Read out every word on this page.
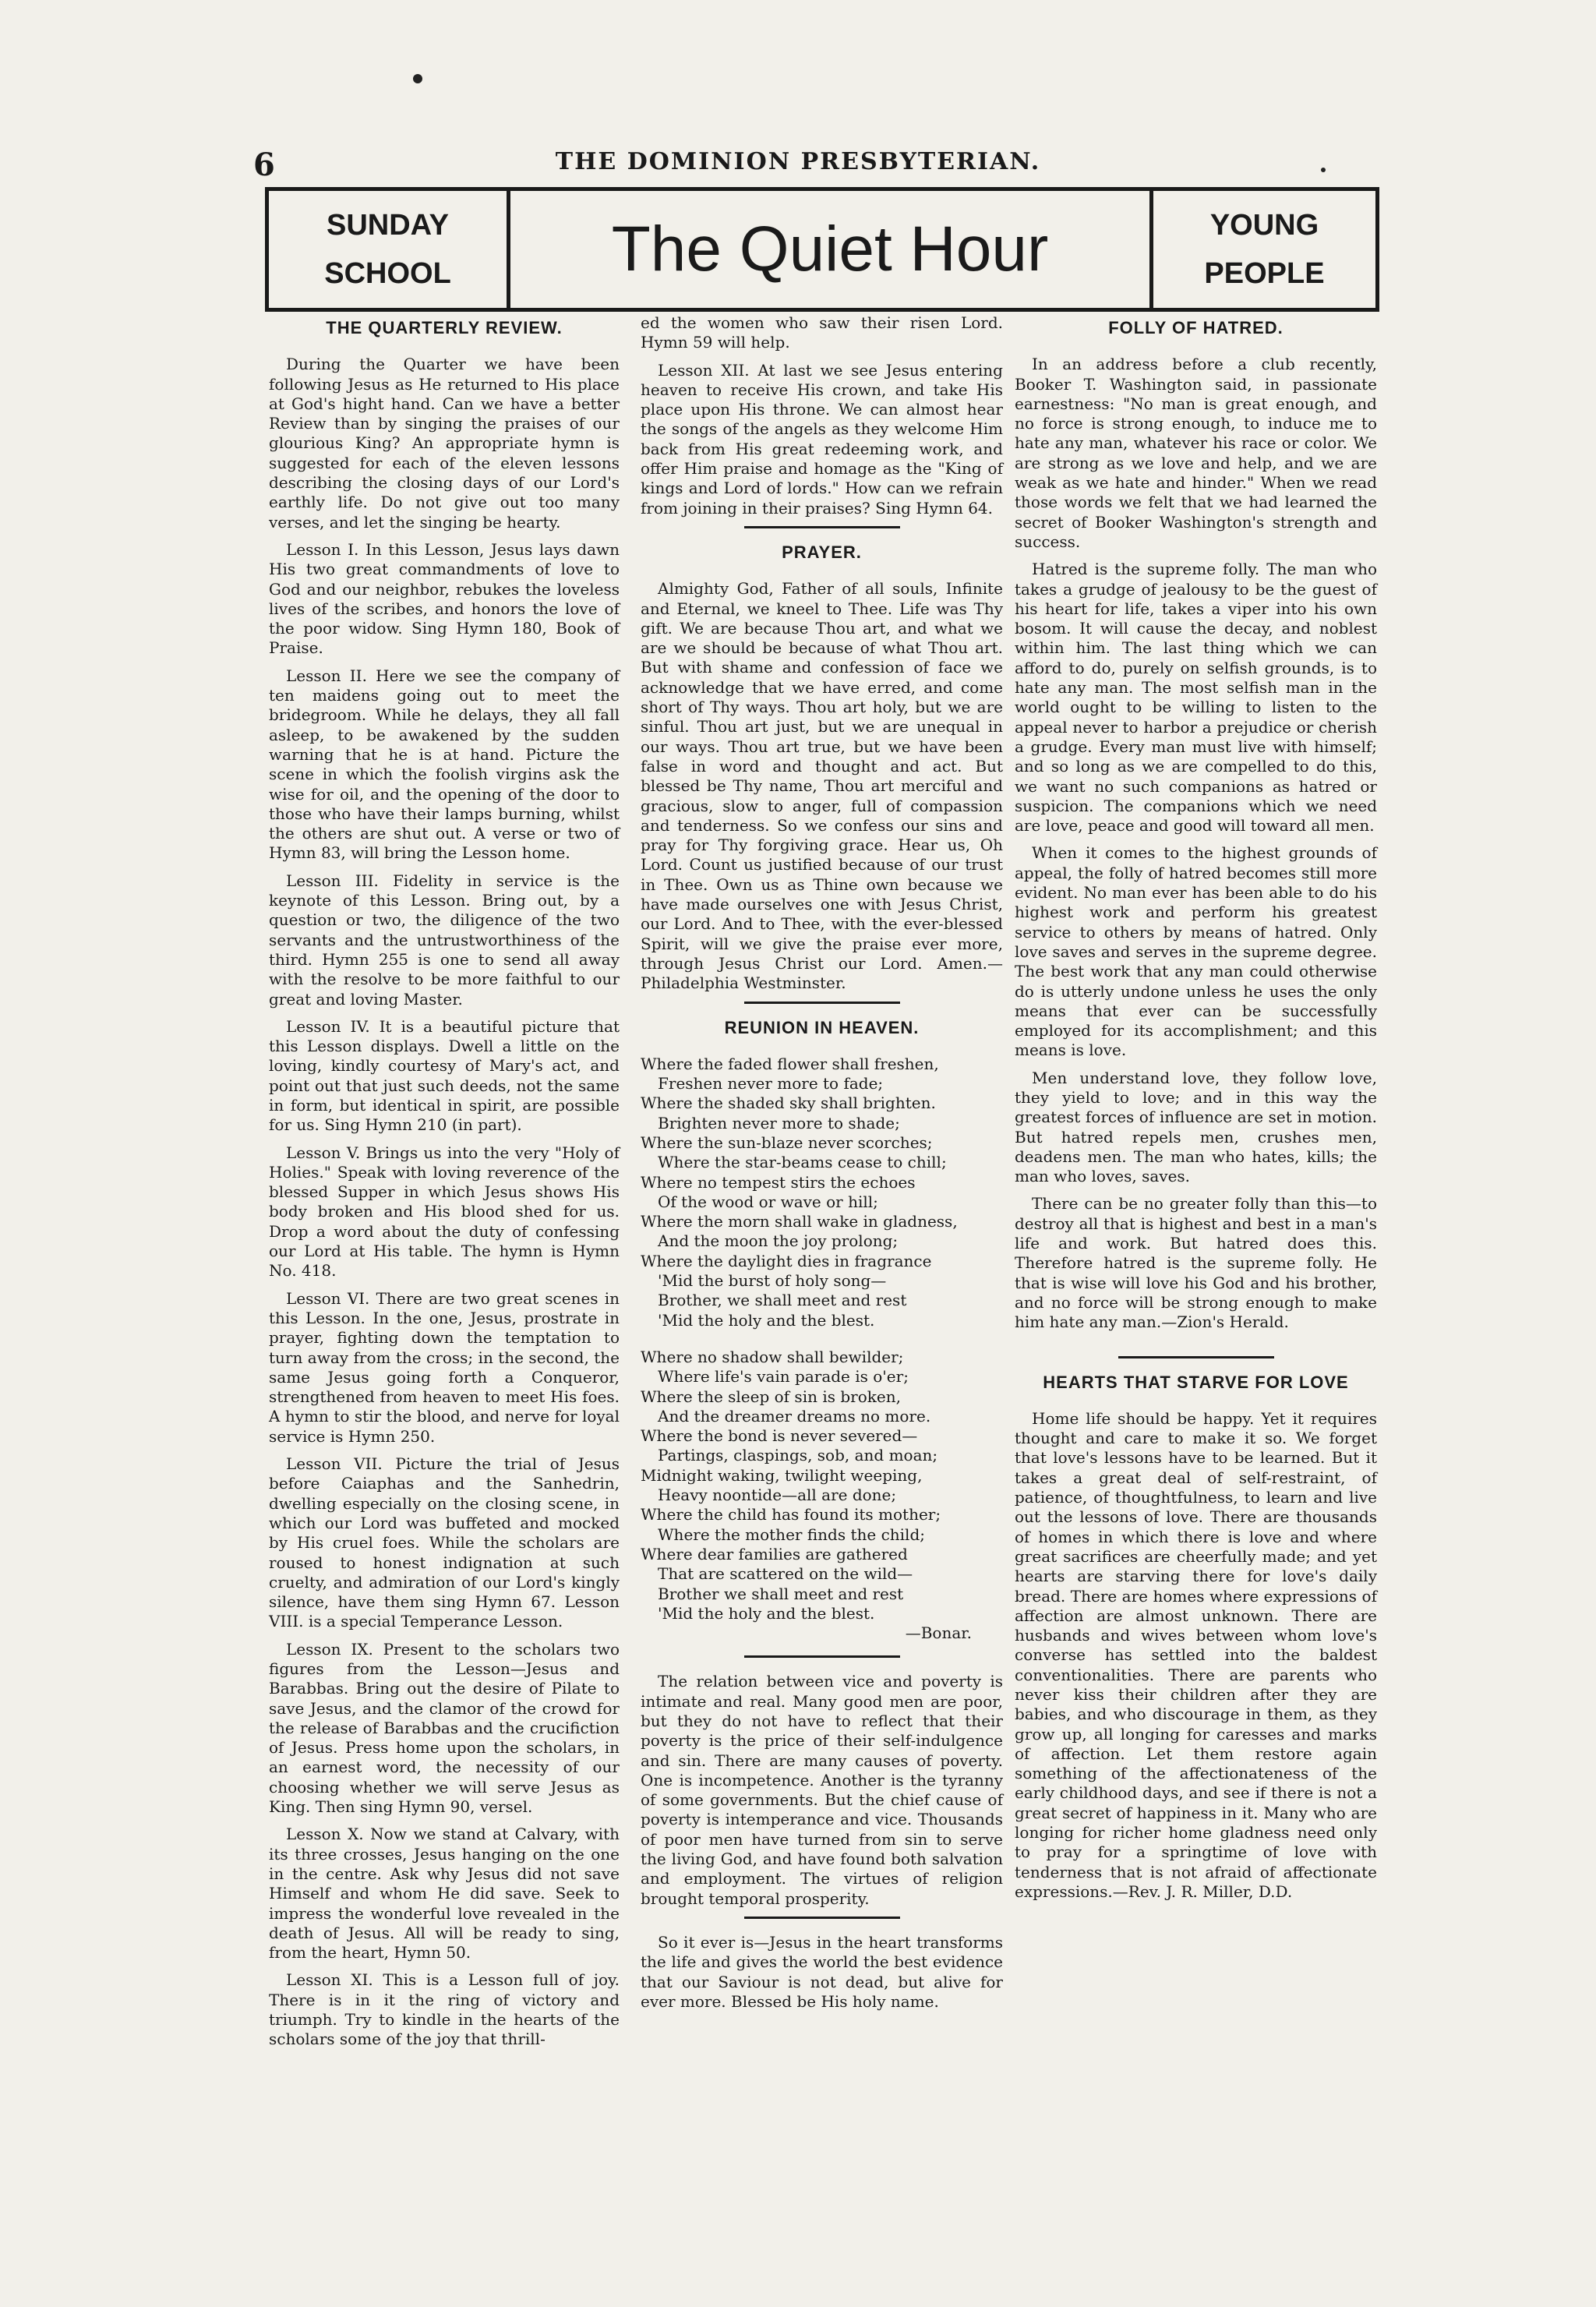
6	THE DOMINION PRESBYTERIAN.
SUNDAY
SCHOOL	The Quiet Hour	YOUNG
PEOPLE
THE QUARTERLY REVIEW.

During the Quarter we have been following Jesus as He returned to His place at God's hight hand. Can we have a better Review than by singing the praises of our glourious King? An appropriate hymn is suggested for each of the eleven lessons describing the closing days of our Lord's earthly life. Do not give out too many verses, and let the singing be hearty.

Lesson I. In this Lesson, Jesus lays dawn His two great commandments of love to God and our neighbor, rebukes the loveless lives of the scribes, and honors the love of the poor widow. Sing Hymn 180, Book of Praise.

Lesson II. Here we see the company of ten maidens going out to meet the bridegroom. While he delays, they all fall asleep, to be awakened by the sudden warning that he is at hand. Picture the scene in which the foolish virgins ask the wise for oil, and the opening of the door to those who have their lamps burning, whilst the others are shut out. A verse or two of Hymn 83, will bring the Lesson home.

Lesson III. Fidelity in service is the keynote of this Lesson. Bring out, by a question or two, the diligence of the two servants and the untrustworthiness of the third. Hymn 255 is one to send all away with the resolve to be more faithful to our great and loving Master.

Lesson IV. It is a beautiful picture that this Lesson displays. Dwell a little on the loving, kindly courtesy of Mary's act, and point out that just such deeds, not the same in form, but identical in spirit, are possible for us. Sing Hymn 210 (in part).

Lesson V. Brings us into the very "Holy of Holies." Speak with loving reverence of the blessed Supper in which Jesus shows His body broken and His blood shed for us. Drop a word about the duty of confessing our Lord at His table. The hymn is Hymn No. 418.

Lesson VI. There are two great scenes in this Lesson. In the one, Jesus, prostrate in prayer, fighting down the temptation to turn away from the cross; in the second, the same Jesus going forth a Conqueror, strengthened from heaven to meet His foes. A hymn to stir the blood, and nerve for loyal service is Hymn 250.

Lesson VII. Picture the trial of Jesus before Caiaphas and the Sanhedrin, dwelling especially on the closing scene, in which our Lord was buffeted and mocked by His cruel foes. While the scholars are roused to honest indignation at such cruelty, and admiration of our Lord's kingly silence, have them sing Hymn 67. Lesson VIII. is a special Temperance Lesson.

Lesson IX. Present to the scholars two figures from the Lesson—Jesus and Barabbas. Bring out the desire of Pilate to save Jesus, and the clamor of the crowd for the release of Barabbas and the crucifiction of Jesus. Press home upon the scholars, in an earnest word, the necessity of our choosing whether we will serve Jesus as King. Then sing Hymn 90, versel.

Lesson X. Now we stand at Calvary, with its three crosses, Jesus hanging on the one in the centre. Ask why Jesus did not save Himself and whom He did save. Seek to impress the wonderful love revealed in the death of Jesus. All will be ready to sing, from the heart, Hymn 50.

Lesson XI. This is a Lesson full of joy. There is in it the ring of victory and triumph. Try to kindle in the hearts of the scholars some of the joy that thrill-

ed the women who saw their risen Lord. Hymn 59 will help.

Lesson XII. At last we see Jesus entering heaven to receive His crown, and take His place upon His throne. We can almost hear the songs of the angels as they welcome Him back from His great redeeming work, and offer Him praise and homage as the "King of kings and Lord of lords." How can we refrain from joining in their praises? Sing Hymn 64.

PRAYER.

Almighty God, Father of all souls, Infinite and Eternal, we kneel to Thee. Life was Thy gift. We are because Thou art, and what we are we should be because of what Thou art. But with shame and confession of face we acknowledge that we have erred, and come short of Thy ways. Thou art holy, but we are sinful. Thou art just, but we are unequal in our ways. Thou art true, but we have been false in word and thought and act. But blessed be Thy name, Thou art merciful and gracious, slow to anger, full of compassion and tenderness. So we confess our sins and pray for Thy forgiving grace. Hear us, Oh Lord. Count us justified because of our trust in Thee. Own us as Thine own because we have made ourselves one with Jesus Christ, our Lord. And to Thee, with the ever-blessed Spirit, will we give the praise ever more, through Jesus Christ our Lord. Amen.—Philadelphia Westminster.

REUNION IN HEAVEN.
Where the faded flower shall freshen,
Freshen never more to fade;
Where the shaded sky shall brighten.
Brighten never more to shade;
Where the sun-blaze never scorches;
Where the star-beams cease to chill;
Where no tempest stirs the echoes
Of the wood or wave or hill;
Where the morn shall wake in gladness,
And the moon the joy prolong;
Where the daylight dies in fragrance
'Mid the burst of holy song—
Brother, we shall meet and rest
'Mid the holy and the blest.
Where no shadow shall bewilder;
Where life's vain parade is o'er;
Where the sleep of sin is broken,
And the dreamer dreams no more.
Where the bond is never severed—
Partings, claspings, sob, and moan;
Midnight waking, twilight weeping,
Heavy noontide—all are done;
Where the child has found its mother;
Where the mother finds the child;
Where dear families are gathered
That are scattered on the wild—
Brother we shall meet and rest
'Mid the holy and the blest.
—Bonar.

The relation between vice and poverty is intimate and real. Many good men are poor, but they do not have to reflect that their poverty is the price of their self-indulgence and sin. There are many causes of poverty. One is incompetence. Another is the tyranny of some governments. But the chief cause of poverty is intemperance and vice. Thousands of poor men have turned from sin to serve the living God, and have found both salvation and employment. The virtues of religion brought temporal prosperity.

So it ever is—Jesus in the heart transforms the life and gives the world the best evidence that our Saviour is not dead, but alive for ever more. Blessed be His holy name.

FOLLY OF HATRED.

In an address before a club recently, Booker T. Washington said, in passionate earnestness: "No man is great enough, and no force is strong enough, to induce me to hate any man, whatever his race or color. We are strong as we love and help, and we are weak as we hate and hinder." When we read those words we felt that we had learned the secret of Booker Washington's strength and success.

Hatred is the supreme folly. The man who takes a grudge of jealousy to be the guest of his heart for life, takes a viper into his own bosom. It will cause the decay, and noblest within him. The last thing which we can afford to do, purely on selfish grounds, is to hate any man. The most selfish man in the world ought to be willing to listen to the appeal never to harbor a prejudice or cherish a grudge. Every man must live with himself; and so long as we are compelled to do this, we want no such companions as hatred or suspicion. The companions which we need are love, peace and good will toward all men.

When it comes to the highest grounds of appeal, the folly of hatred becomes still more evident. No man ever has been able to do his highest work and perform his greatest service to others by means of hatred. Only love saves and serves in the supreme degree. The best work that any man could otherwise do is utterly undone unless he uses the only means that ever can be successfully employed for its accomplishment; and this means is love.

Men understand love, they follow love, they yield to love; and in this way the greatest forces of influence are set in motion. But hatred repels men, crushes men, deadens men. The man who hates, kills; the man who loves, saves.

There can be no greater folly than this—to destroy all that is highest and best in a man's life and work. But hatred does this. Therefore hatred is the supreme folly. He that is wise will love his God and his brother, and no force will be strong enough to make him hate any man.—Zion's Herald.

HEARTS THAT STARVE FOR LOVE

Home life should be happy. Yet it requires thought and care to make it so. We forget that love's lessons have to be learned. But it takes a great deal of self-restraint, of patience, of thoughtfulness, to learn and live out the lessons of love. There are thousands of homes in which there is love and where great sacrifices are cheerfully made; and yet hearts are starving there for love's daily bread. There are homes where expressions of affection are almost unknown. There are husbands and wives between whom love's converse has settled into the baldest conventionalities. There are parents who never kiss their children after they are babies, and who discourage in them, as they grow up, all longing for caresses and marks of affection. Let them restore again something of the affectionateness of the early childhood days, and see if there is not a great secret of happiness in it. Many who are longing for richer home gladness need only to pray for a springtime of love with tenderness that is not afraid of affectionate expressions.—Rev. J. R. Miller, D.D.
